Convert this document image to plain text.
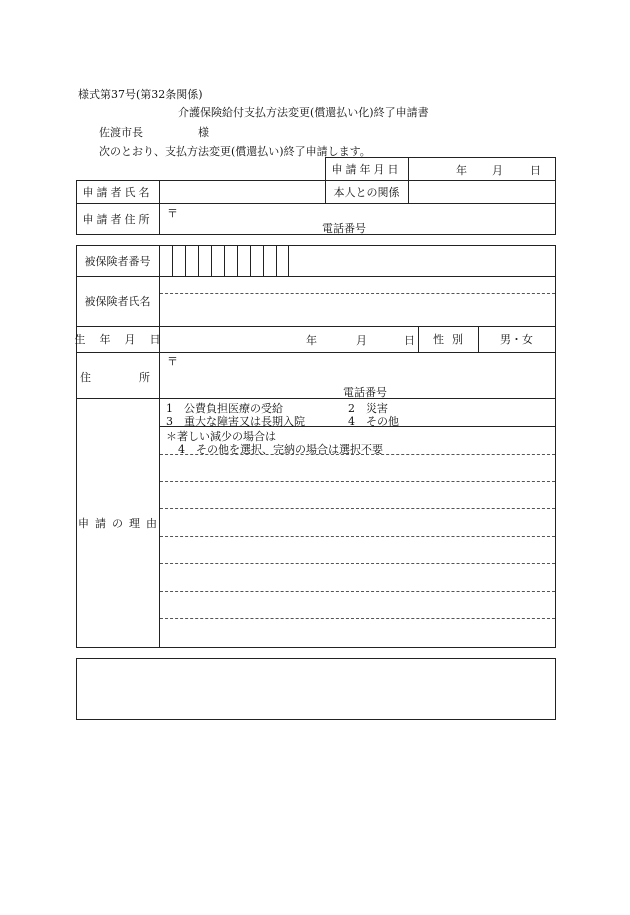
様式第37号(第32条関係)
介護保険給付支払方法変更(償還払い化)終了申請書
佐渡市長	様
次のとおり、支払方法変更(償還払い)終了申請します。
申請年月日	年 月 日
申請者氏名	本人との関係
申請者住所	〒
電話番号
被保険者番号
被保険者氏名
生年月日	年	月	日	性別	男・女
住所
〒
電話番号
申請の理由
1　 公費負担医療の受給	2　 災害
3　 重大な障害又は長期入院	4　 その他
＊著しい減少の場合は
4　その他を選択、完納の場合は選択不要
